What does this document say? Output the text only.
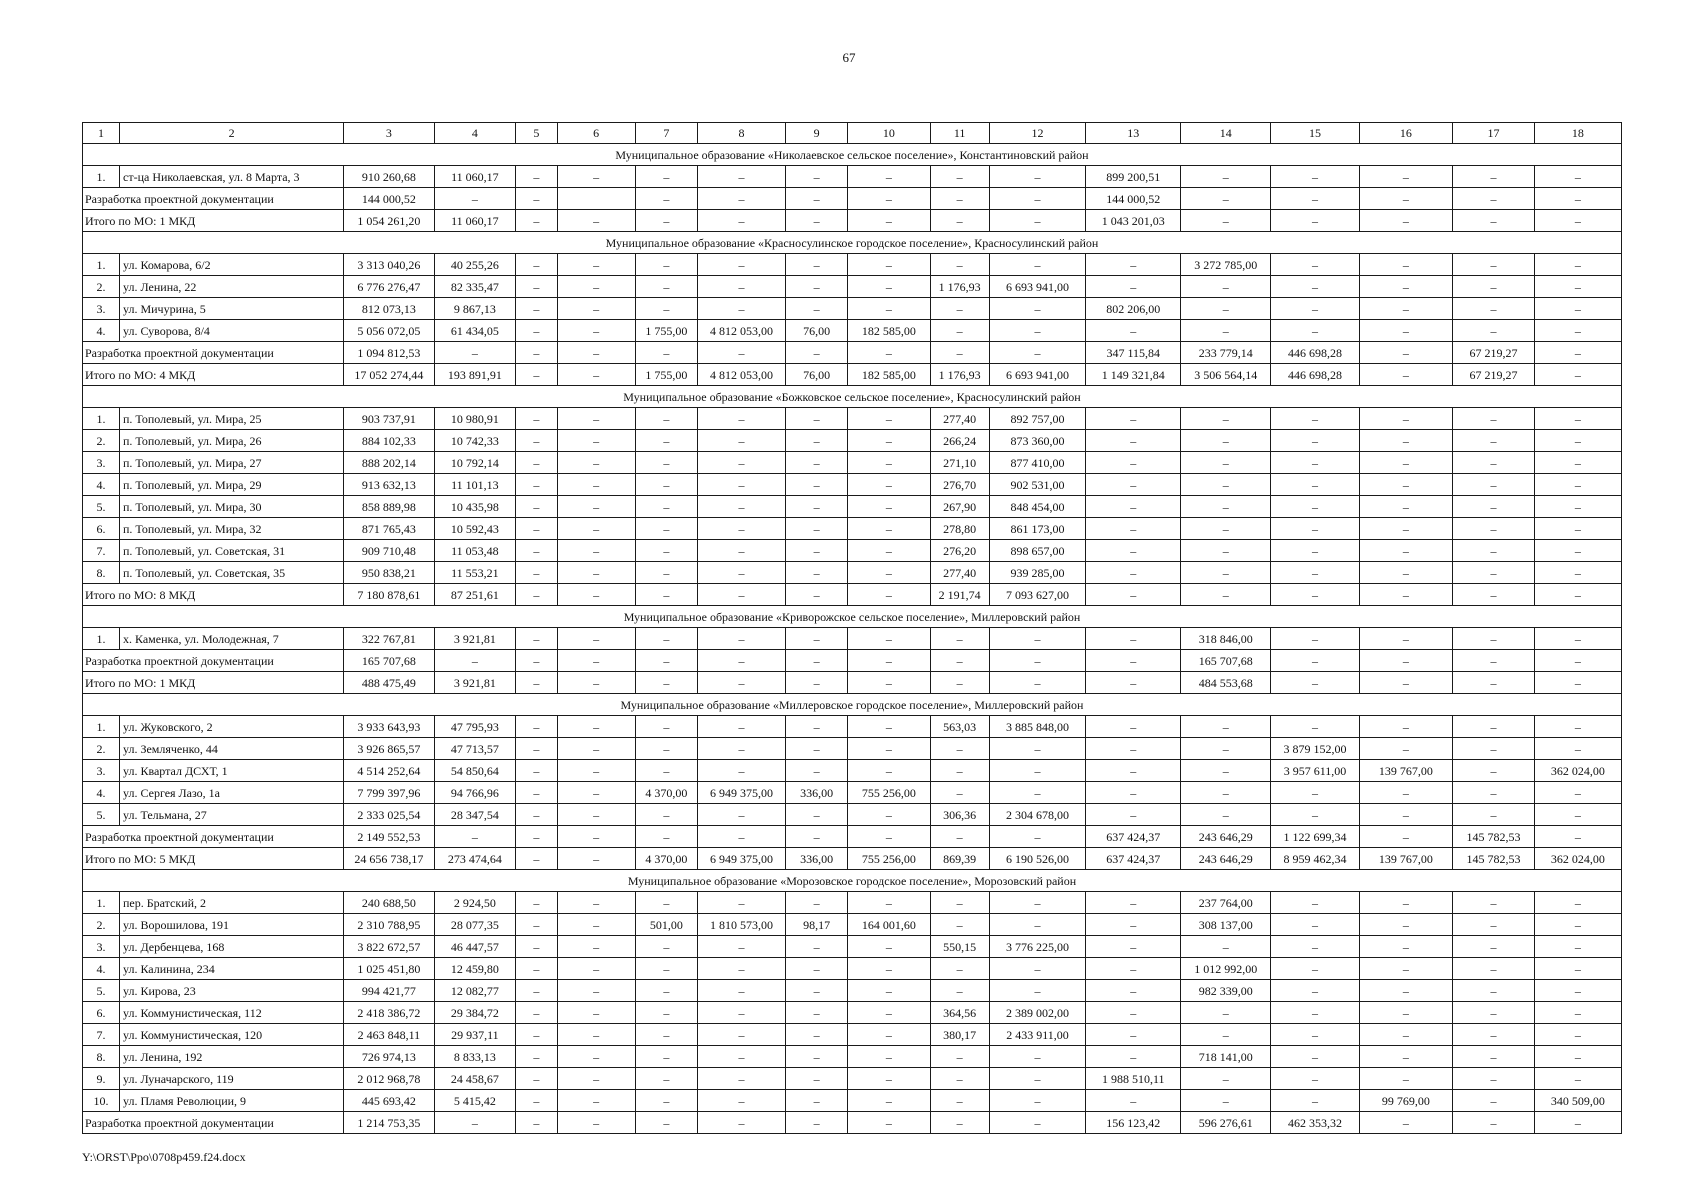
67
1	2	3	4	5	6	7	8	9	10	11	12	13	14	15	16	17	18
Муниципальное образование «Николаевское сельское поселение», Константиновский район																	
1.	ст-ца Николаевская, ул. 8 Марта, 3	910 260,68	11 060,17	–	–	–	–	–	–	–	–	899 200,51	–	–	–	–	–
Разработка проектной документации		144 000,52	–	–		–	–	–	–	–	–	144 000,52	–	–	–	–	–
Итого по МО: 1 МКД		1 054 261,20	11 060,17	–	–	–	–	–	–	–	–	1 043 201,03	–	–	–	–	–
Муниципальное образование «Красносулинское городское поселение», Красносулинский район																	
1.	ул. Комарова, 6/2	3 313 040,26	40 255,26	–	–	–	–	–	–	–	–	–	3 272 785,00	–	–	–	–
2.	ул. Ленина, 22	6 776 276,47	82 335,47	–	–	–	–	–	–	1 176,93	6 693 941,00	–	–	–	–	–	–
3.	ул. Мичурина, 5	812 073,13	9 867,13	–	–	–	–	–	–	–	–	802 206,00	–	–	–	–	–
4.	ул. Суворова, 8/4	5 056 072,05	61 434,05	–	–	1 755,00	4 812 053,00	76,00	182 585,00	–	–	–	–	–	–	–	–
Разработка проектной документации		1 094 812,53	–	–	–	–	–	–	–	–	–	347 115,84	233 779,14	446 698,28	–	67 219,27	–
Итого по МО: 4 МКД		17 052 274,44	193 891,91	–	–	1 755,00	4 812 053,00	76,00	182 585,00	1 176,93	6 693 941,00	1 149 321,84	3 506 564,14	446 698,28	–	67 219,27	–
Муниципальное образование «Божковское сельское поселение», Красносулинский район																	
1.	п. Тополевый, ул. Мира, 25	903 737,91	10 980,91	–	–	–	–	–	–	277,40	892 757,00	–	–	–	–	–	–
2.	п. Тополевый, ул. Мира, 26	884 102,33	10 742,33	–	–	–	–	–	–	266,24	873 360,00	–	–	–	–	–	–
3.	п. Тополевый, ул. Мира, 27	888 202,14	10 792,14	–	–	–	–	–	–	271,10	877 410,00	–	–	–	–	–	–
4.	п. Тополевый, ул. Мира, 29	913 632,13	11 101,13	–	–	–	–	–	–	276,70	902 531,00	–	–	–	–	–	–
5.	п. Тополевый, ул. Мира, 30	858 889,98	10 435,98	–	–	–	–	–	–	267,90	848 454,00	–	–	–	–	–	–
6.	п. Тополевый, ул. Мира, 32	871 765,43	10 592,43	–	–	–	–	–	–	278,80	861 173,00	–	–	–	–	–	–
7.	п. Тополевый, ул. Советская, 31	909 710,48	11 053,48	–	–	–	–	–	–	276,20	898 657,00	–	–	–	–	–	–
8.	п. Тополевый, ул. Советская, 35	950 838,21	11 553,21	–	–	–	–	–	–	277,40	939 285,00	–	–	–	–	–	–
Итого по МО: 8 МКД		7 180 878,61	87 251,61	–	–	–	–	–	–	2 191,74	7 093 627,00	–	–	–	–	–	–
Муниципальное образование «Криворожское сельское поселение», Миллеровский район																	
1.	х. Каменка, ул. Молодежная, 7	322 767,81	3 921,81	–	–	–	–	–	–	–	–	–	318 846,00	–	–	–	–
Разработка проектной документации		165 707,68	–	–	–	–	–	–	–	–	–	–	165 707,68	–	–	–	–
Итого по МО: 1 МКД		488 475,49	3 921,81	–	–	–	–	–	–	–	–	–	484 553,68	–	–	–	–
Муниципальное образование «Миллеровское городское поселение», Миллеровский район																	
1.	ул. Жуковского, 2	3 933 643,93	47 795,93	–	–	–	–	–	–	563,03	3 885 848,00	–	–	–	–	–	–
2.	ул. Земляченко, 44	3 926 865,57	47 713,57	–	–	–	–	–	–	–	–	–	–	3 879 152,00	–	–	–
3.	ул. Квартал ДСХТ, 1	4 514 252,64	54 850,64	–	–	–	–	–	–	–	–	–	–	3 957 611,00	139 767,00	–	362 024,00
4.	ул. Сергея Лазо, 1а	7 799 397,96	94 766,96	–	–	4 370,00	6 949 375,00	336,00	755 256,00	–	–	–	–	–	–	–	–
5.	ул. Тельмана, 27	2 333 025,54	28 347,54	–	–	–	–	–	–	306,36	2 304 678,00	–	–	–	–	–	–
Разработка проектной документации		2 149 552,53	–	–	–	–	–	–	–	–	–	637 424,37	243 646,29	1 122 699,34	–	145 782,53	–
Итого по МО: 5 МКД		24 656 738,17	273 474,64	–	–	4 370,00	6 949 375,00	336,00	755 256,00	869,39	6 190 526,00	637 424,37	243 646,29	8 959 462,34	139 767,00	145 782,53	362 024,00
Муниципальное образование «Морозовское городское поселение», Морозовский район																	
1.	пер. Братский, 2	240 688,50	2 924,50	–	–	–	–	–	–	–	–	–	237 764,00	–	–	–	–
2.	ул. Ворошилова, 191	2 310 788,95	28 077,35	–	–	501,00	1 810 573,00	98,17	164 001,60	–	–	–	308 137,00	–	–	–	–
3.	ул. Дербенцева, 168	3 822 672,57	46 447,57	–	–	–	–	–	–	550,15	3 776 225,00	–	–	–	–	–	–
4.	ул. Калинина, 234	1 025 451,80	12 459,80	–	–	–	–	–	–	–	–	–	1 012 992,00	–	–	–	–
5.	ул. Кирова, 23	994 421,77	12 082,77	–	–	–	–	–	–	–	–	–	982 339,00	–	–	–	–
6.	ул. Коммунистическая, 112	2 418 386,72	29 384,72	–	–	–	–	–	–	364,56	2 389 002,00	–	–	–	–	–	–
7.	ул. Коммунистическая, 120	2 463 848,11	29 937,11	–	–	–	–	–	–	380,17	2 433 911,00	–	–	–	–	–	–
8.	ул. Ленина, 192	726 974,13	8 833,13	–	–	–	–	–	–	–	–	–	718 141,00	–	–	–	–
9.	ул. Луначарского, 119	2 012 968,78	24 458,67	–	–	–	–	–	–	–	–	1 988 510,11	–	–	–	–	–
10.	ул. Пламя Революции, 9	445 693,42	5 415,42	–	–	–	–	–	–	–	–	–	–	–	99 769,00	–	340 509,00
Разработка проектной документации		1 214 753,35	–	–	–	–	–	–	–	–	–	156 123,42	596 276,61	462 353,32	–	–	–
Y:\ORST\Ppo\0708p459.f24.docx
